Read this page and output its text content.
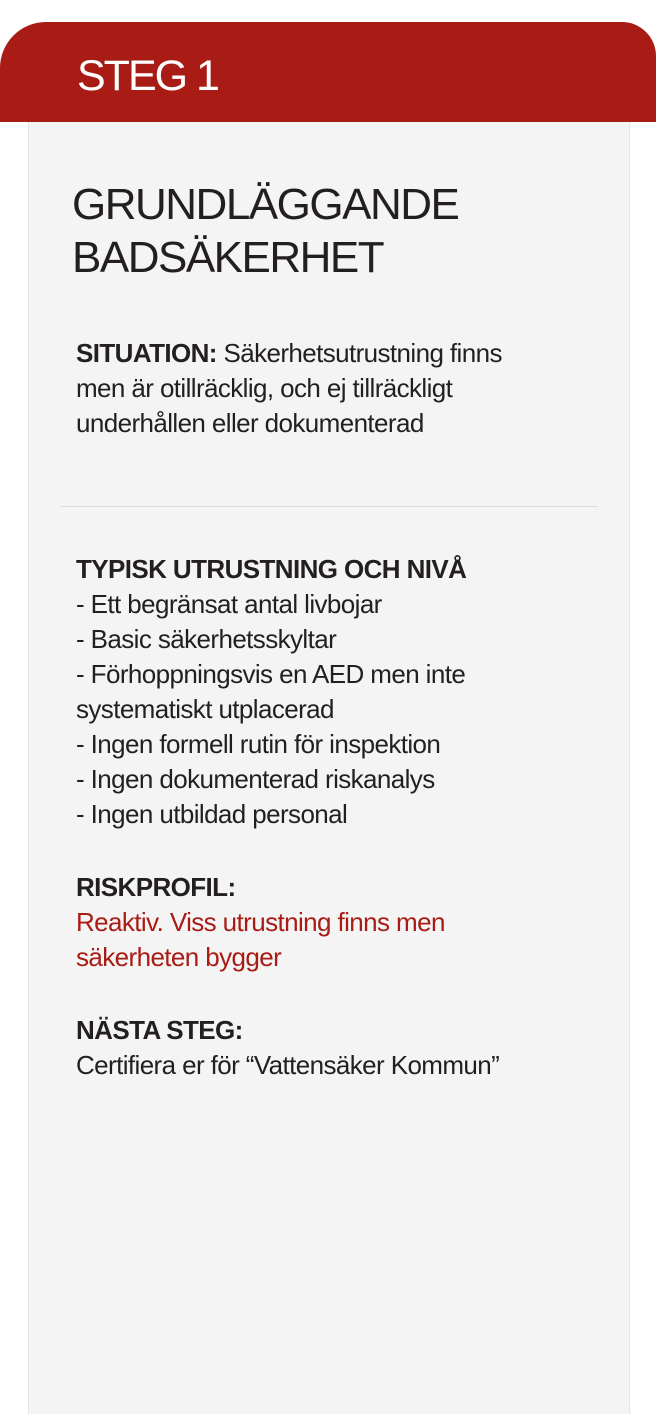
STEG 1
GRUNDLÄGGANDE
BADSÄKERHET
SITUATION: Säkerhetsutrustning finns
men är otillräcklig, och ej tillräckligt
underhållen eller dokumenterad
TYPISK UTRUSTNING OCH NIVÅ
- Ett begränsat antal livbojar
- Basic säkerhetsskyltar
- Förhoppningsvis en AED men inte
systematiskt utplacerad
- Ingen formell rutin för inspektion
- Ingen dokumenterad riskanalys
- Ingen utbildad personal
RISKPROFIL:
Reaktiv. Viss utrustning finns men
säkerheten bygger
NÄSTA STEG:
Certifiera er för “Vattensäker Kommun”
